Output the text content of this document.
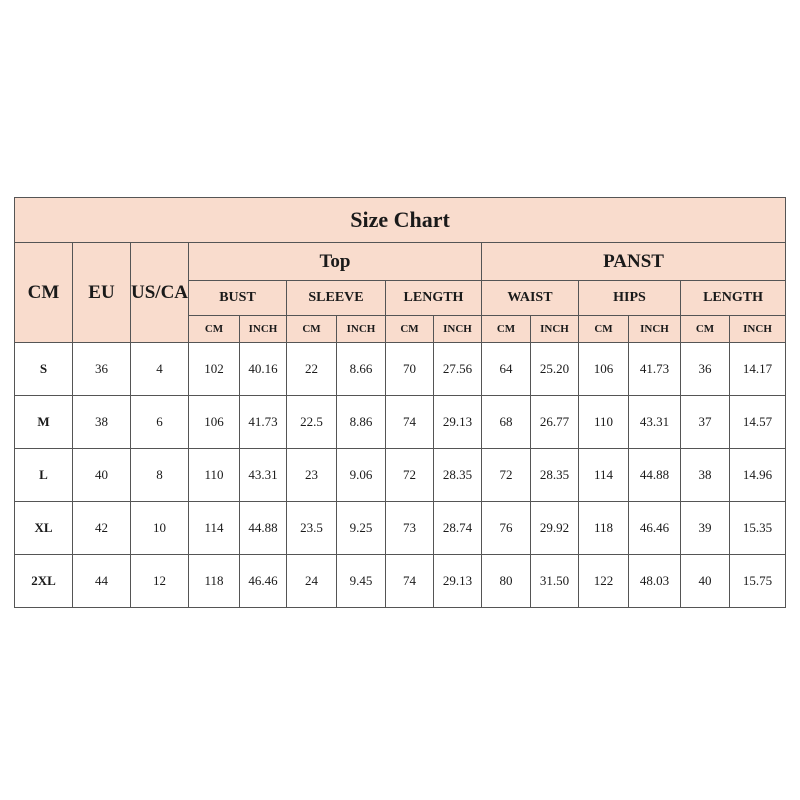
Size Chart														
CM	EU	US/CA	Top						PANST					
			BUST		SLEEVE		LENGTH		WAIST		HIPS		LENGTH	
			CM	INCH	CM	INCH	CM	INCH	CM	INCH	CM	INCH	CM	INCH
S	36	4	102	40.16	22	8.66	70	27.56	64	25.20	106	41.73	36	14.17
M	38	6	106	41.73	22.5	8.86	74	29.13	68	26.77	110	43.31	37	14.57
L	40	8	110	43.31	23	9.06	72	28.35	72	28.35	114	44.88	38	14.96
XL	42	10	114	44.88	23.5	9.25	73	28.74	76	29.92	118	46.46	39	15.35
2XL	44	12	118	46.46	24	9.45	74	29.13	80	31.50	122	48.03	40	15.75
